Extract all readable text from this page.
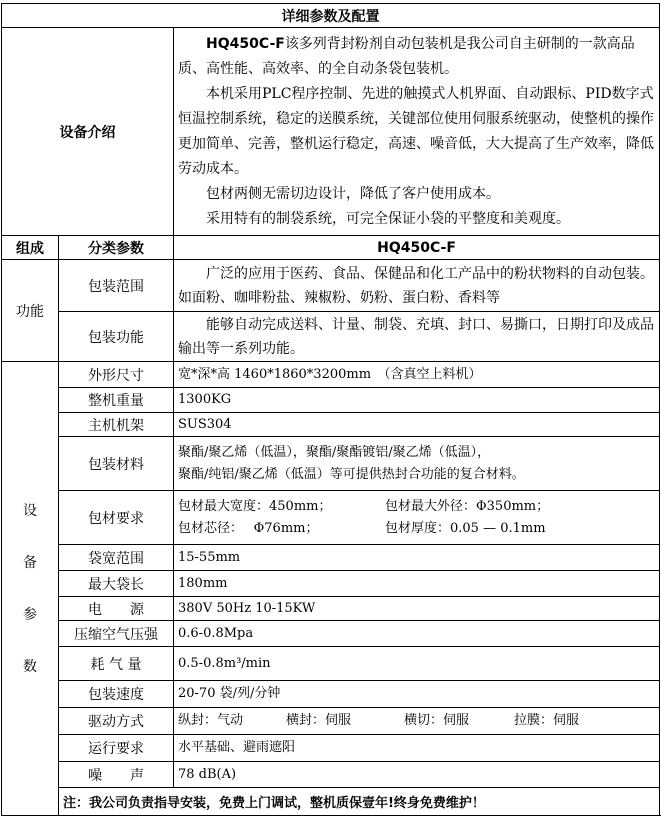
详细参数及配置		
设备介绍		HQ450C-F该多列背封粉剂自动包装机是我公司自主研制的一款高品质、高性能、高效率、的全自动条袋包装机。

本机采用PLC程序控制、先进的触摸式人机界面、自动跟标、PID数字式恒温控制系统，稳定的送膜系统，关键部位使用伺服系统驱动，使整机的操作更加简单、完善，整机运行稳定，高速、噪音低，大大提高了生产效率，降低劳动成本。

包材两侧无需切边设计，降低了客户使用成本。

采用特有的制袋系统，可完全保证小袋的平整度和美观度。

组成	分类参数	HQ450C-F
功能	包装范围	广泛的应用于医药、食品、保健品和化工产品中的粉状物料的自动包装。如面粉、咖啡粉盐、辣椒粉、奶粉、蛋白粉、香料等

	包装功能	能够自动完成送料、计量、制袋、充填、封口、易撕口，日期打印及成品输出等一系列功能。

设
备
参
数	外形尺寸	宽*深*高 1460*1860*3200mm　（含真空上料机）
	整机重量	1300KG
	主机机架	SUS304
	包装材料	聚酯/聚乙烯（低温），聚酯/聚酯镀铝/聚乙烯（低温），
聚酯/纯铝/聚乙烯（低温）等可提供热封合功能的复合材料。

	包材要求	包材最大宽度：450mm； 包材最大外径：Φ350mm；
包材芯径：　 Φ76mm； 包材厚度：0.05 — 0.1mm

	袋宽范围	15-55mm
	最大袋长	180mm
	电　　源	380V 50Hz 10-15KW
	压缩空气压强	0.6-0.8Mpa
	耗 气 量	0.5-0.8m³/min
	包装速度	20-70 袋/列/分钟
	驱动方式	纵封：气动 横封：伺服 横切：伺服 拉膜：伺服
	运行要求	水平基础、避雨遮阳
	噪　　声	78 dB(A)
	注：我公司负责指导安装，免费上门调试，整机质保壹年!终身免费维护！	
